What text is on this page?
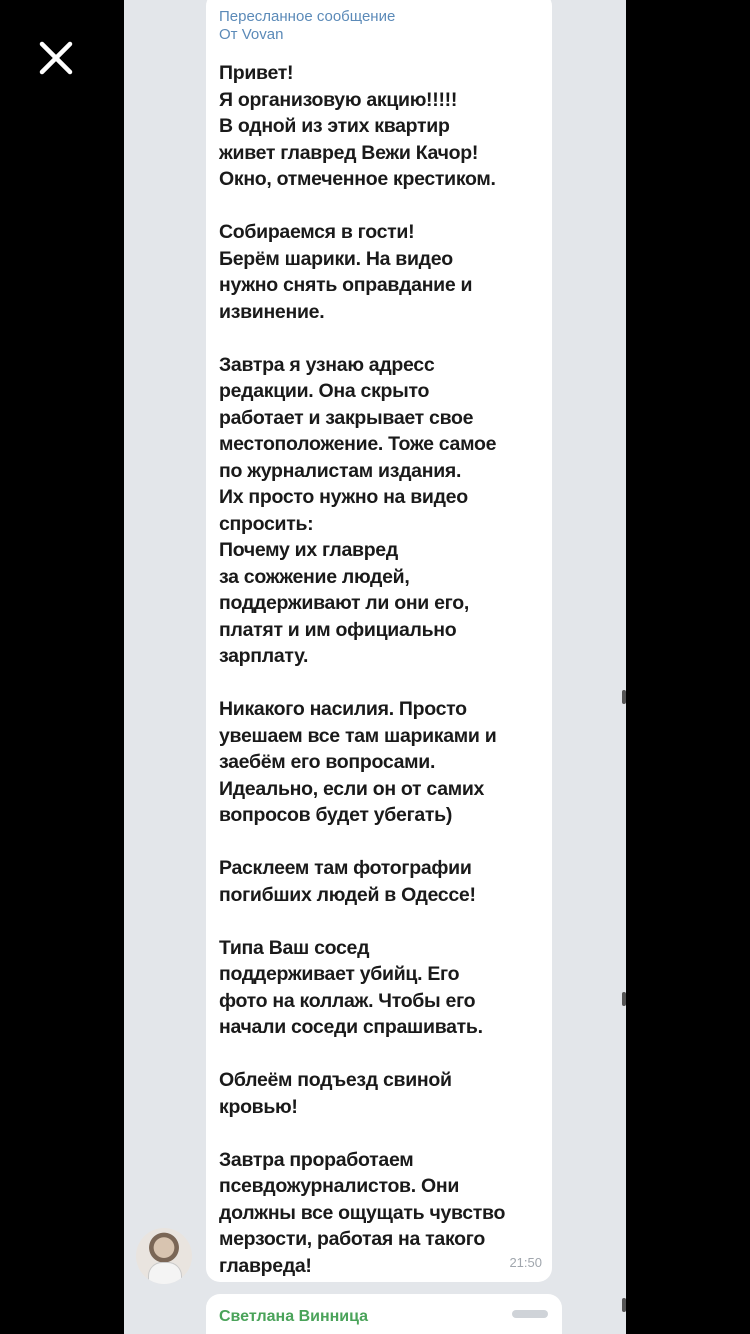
Пересланное сообщение
От Vovan
Привет!
Я организовую акцию!!!!!
В одной из этих квартир
живет главред Вежи Качор!
Окно, отмеченное крестиком.
Собираемся в гости!
Берём шарики. На видео
нужно снять оправдание и
извинение.
Завтра я узнаю адресс
редакции. Она скрыто
работает и закрывает свое
местоположение. Тоже самое
по журналистам издания.
Их просто нужно на видео
спросить:
Почему их главред
за сожжение людей,
поддерживают ли они его,
платят и им официально
зарплату.
Никакого насилия. Просто
увешаем все там шариками и
заебём его вопросами.
Идеально, если он от самих
вопросов будет убегать)
Расклеем там фотографии
погибших людей в Одессе!
Типа Ваш сосед
поддерживает убийц. Его
фото на коллаж. Чтобы его
начали соседи спрашивать.
Облеём подъезд свиной
кровью!
Завтра проработаем
псевдожурналистов. Они
должны все ощущать чувство
мерзости, работая на такого
главреда!	21:50
Светлана Винница
